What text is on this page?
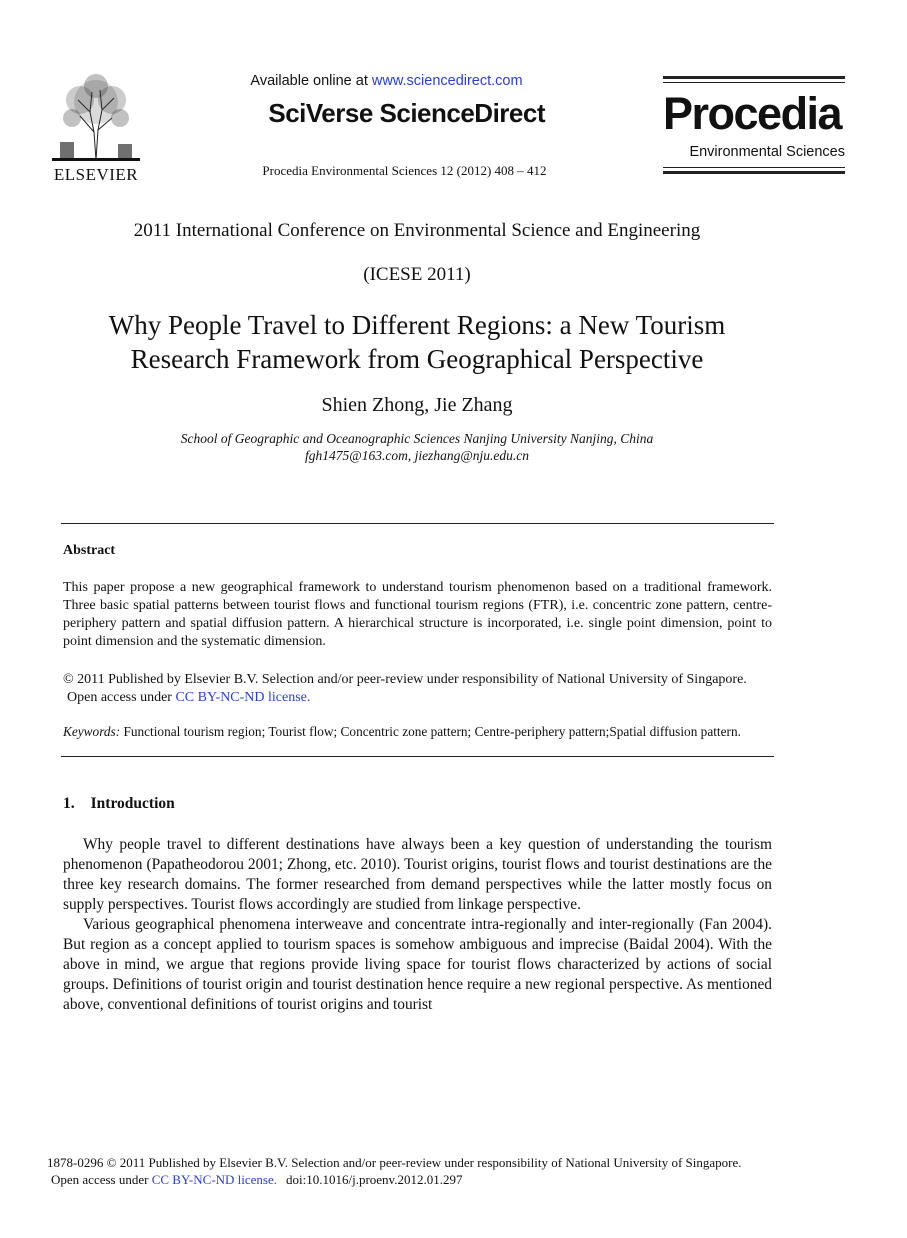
ELSEVIER
Available online at www.sciencedirect.com
SciVerse ScienceDirect
Procedia Environmental Sciences 12 (2012) 408 – 412
Procedia
Environmental Sciences
2011 International Conference on Environmental Science and Engineering
(ICESE 2011)
Why People Travel to Different Regions: a New Tourism
Research Framework from Geographical Perspective
Shien Zhong, Jie Zhang
School of Geographic and Oceanographic Sciences Nanjing University Nanjing, China
fgh1475@163.com, jiezhang@nju.edu.cn
Abstract
This paper propose a new geographical framework to understand tourism phenomenon based on a traditional framework. Three basic spatial patterns between tourist flows and functional tourism regions (FTR), i.e. concentric zone pattern, centre-periphery pattern and spatial diffusion pattern. A hierarchical structure is incorporated, i.e. single point dimension, point to point dimension and the systematic dimension.
© 2011 Published by Elsevier B.V. Selection and/or peer-review under responsibility of National University of Singapore.
Open access under CC BY-NC-ND license.
Keywords: Functional tourism region; Tourist flow; Concentric zone pattern; Centre-periphery pattern;Spatial diffusion pattern.
1. Introduction

Why people travel to different destinations have always been a key question of understanding the tourism phenomenon (Papatheodorou 2001; Zhong, etc. 2010). Tourist origins, tourist flows and tourist destinations are the three key research domains. The former researched from demand perspectives while the latter mostly focus on supply perspectives. Tourist flows accordingly are studied from linkage perspective.

Various geographical phenomena interweave and concentrate intra-regionally and inter-regionally (Fan 2004). But region as a concept applied to tourism spaces is somehow ambiguous and imprecise (Baidal 2004). With the above in mind, we argue that regions provide living space for tourist flows characterized by actions of social groups. Definitions of tourist origin and tourist destination hence require a new regional perspective. As mentioned above, conventional definitions of tourist origins and tourist

1878-0296 © 2011 Published by Elsevier B.V. Selection and/or peer-review under responsibility of National University of Singapore.
Open access under CC BY-NC-ND license. doi:10.1016/j.proenv.2012.01.297
